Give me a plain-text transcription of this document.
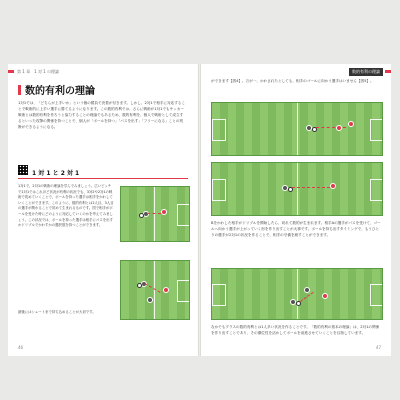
第 1 章　1 対 1 の理論
数的有利の理論
1対1では、「どちらが上手いか」という個の勝負で決着が付きます。しかし、2対1で相手に対応することで戦術的に上手い選手に勝てるようになります。この数的有利では、さらに戦術が1対1でもサッカー戦術とは数的有利を作ろうと協力することの理論でもあるため、数的有利を、個人で戦術として成立するといった攻撃の関係を持つことで、個人が「ボールを持つ」「パスを出す」「フリーになる」ことの判断ができるようになる。
1 対 1 と 2 対 1
1対1で、2対1の戦術の理論を学んでみましょう。広いピッチで1対1ではこれほど状況が有利の状況でも、3対2や2対1の戦術で攻めていくことで、ボールを持った選手は相手をかわしていくことができます。このように、数的有利とは2人目、3人目の選手が関わることで初めて生まれるものです。図で相手がボールを受けた時にどのように対応していくのかを考えてみましょう。この状況では、ボールを持った選手は相手にパスを出すかドリブルでかわすかの選択肢を持つことができます。
最後にはシュートまで持ち込めることが大切です。
46
数的有利の理論
ができます【図4】。万が一、かわされたとしても、相手のゴールに向かう選手はいません【図5】。
Bをかわした相手がドリブルを開始したら、切れて数的が生まれます。相手Aの選手がパスを受けて、ゴールへ向かう選手が上がっていく形を作り出すことが大事です。ボールを持ち出すタイミングで、もうひとりの選手が2対1の状況を作ることで、相手の守備を崩すことができます。
なかでもプラスの数的有利とは1人多い状況を作ることです。「数的有利の基本の理論」は、2対1の関係を作り出すことであり、その優位性を活かしてボールを前進させていくことを目指しています。
47
